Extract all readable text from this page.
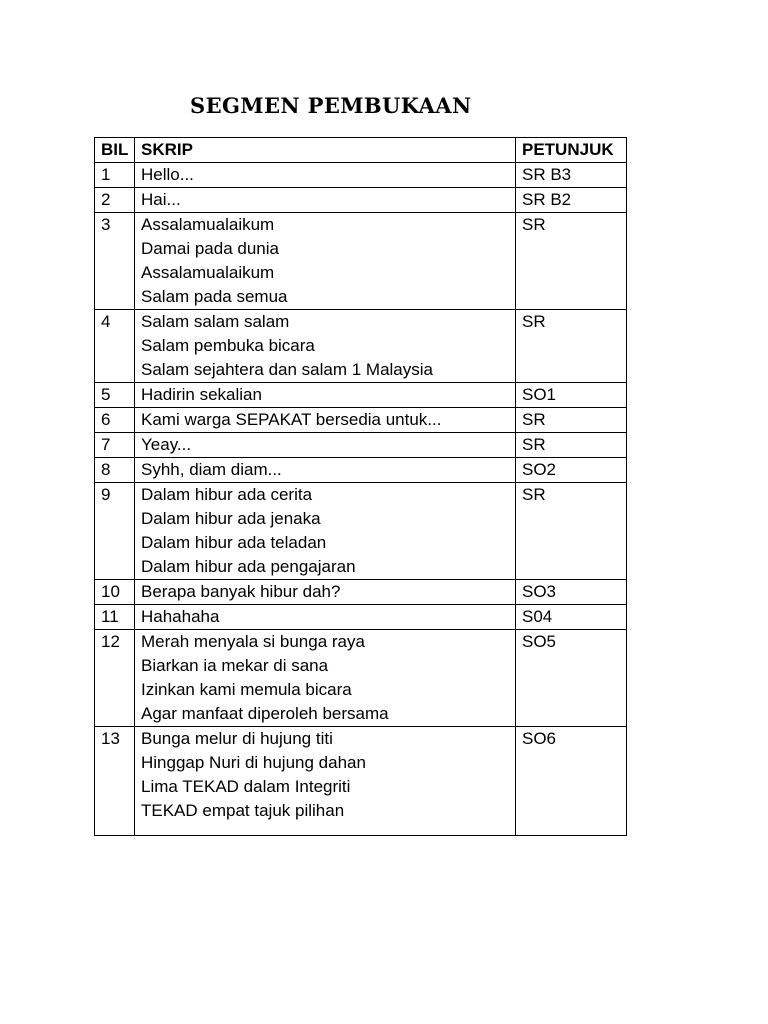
SEGMEN PEMBUKAAN
BIL	SKRIP	PETUNJUK
1	Hello...	SR B3
2	Hai...	SR B2
3	Assalamualaikum
Damai pada dunia
Assalamualaikum
Salam pada semua	SR
4	Salam salam salam
Salam pembuka bicara
Salam sejahtera dan salam 1 Malaysia	SR
5	Hadirin sekalian	SO1
6	Kami warga SEPAKAT bersedia untuk...	SR
7	Yeay...	SR
8	Syhh, diam diam...	SO2
9	Dalam hibur ada cerita
Dalam hibur ada jenaka
Dalam hibur ada teladan
Dalam hibur ada pengajaran	SR
10	Berapa banyak hibur dah?	SO3
11	Hahahaha	S04
12	Merah menyala si bunga raya
Biarkan ia mekar di sana
Izinkan kami memula bicara
Agar manfaat diperoleh bersama	SO5
13	Bunga melur di hujung titi
Hinggap Nuri di hujung dahan
Lima TEKAD dalam Integriti
TEKAD empat tajuk pilihan	SO6
